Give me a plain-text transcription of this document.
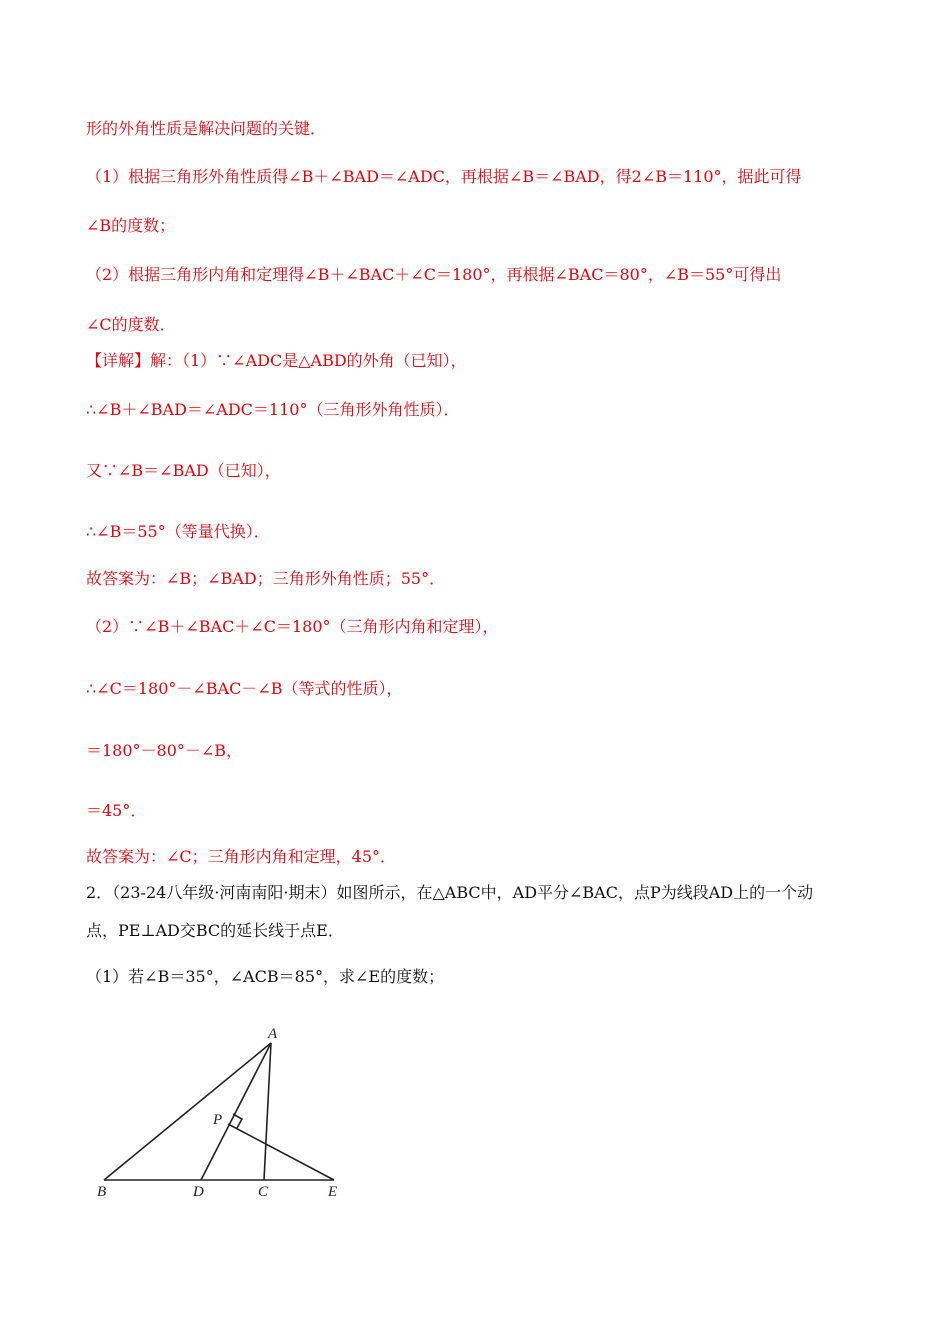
形的外角性质是解决问题的关键．
（1）根据三角形外角性质得∠B＋∠BAD＝∠ADC，再根据∠B＝∠BAD，得2∠B＝110°，据此可得
∠B的度数；
（2）根据三角形内角和定理得∠B＋∠BAC＋∠C＝180°，再根据∠BAC＝80°，∠B＝55°可得出
∠C的度数．
【详解】解：（1）∵∠ADC是△ABD的外角（已知），
∴∠B＋∠BAD＝∠ADC＝110°（三角形外角性质）．
又∵∠B＝∠BAD（已知），
∴∠B＝55°（等量代换）．
故答案为：∠B；∠BAD；三角形外角性质；55°．
（2）∵∠B＋∠BAC＋∠C＝180°（三角形内角和定理），
∴∠C＝180°－∠BAC－∠B（等式的性质），
＝180°－80°－∠B，
＝45°．
故答案为：∠C；三角形内角和定理，45°．
2．（23-24八年级·河南南阳·期末）如图所示，在△ABC中，AD平分∠BAC，点P为线段AD上的一个动
点，PE⊥AD交BC的延长线于点E．
（1）若∠B＝35°，∠ACB＝85°，求∠E的度数；
A
B	D	C	E
P
